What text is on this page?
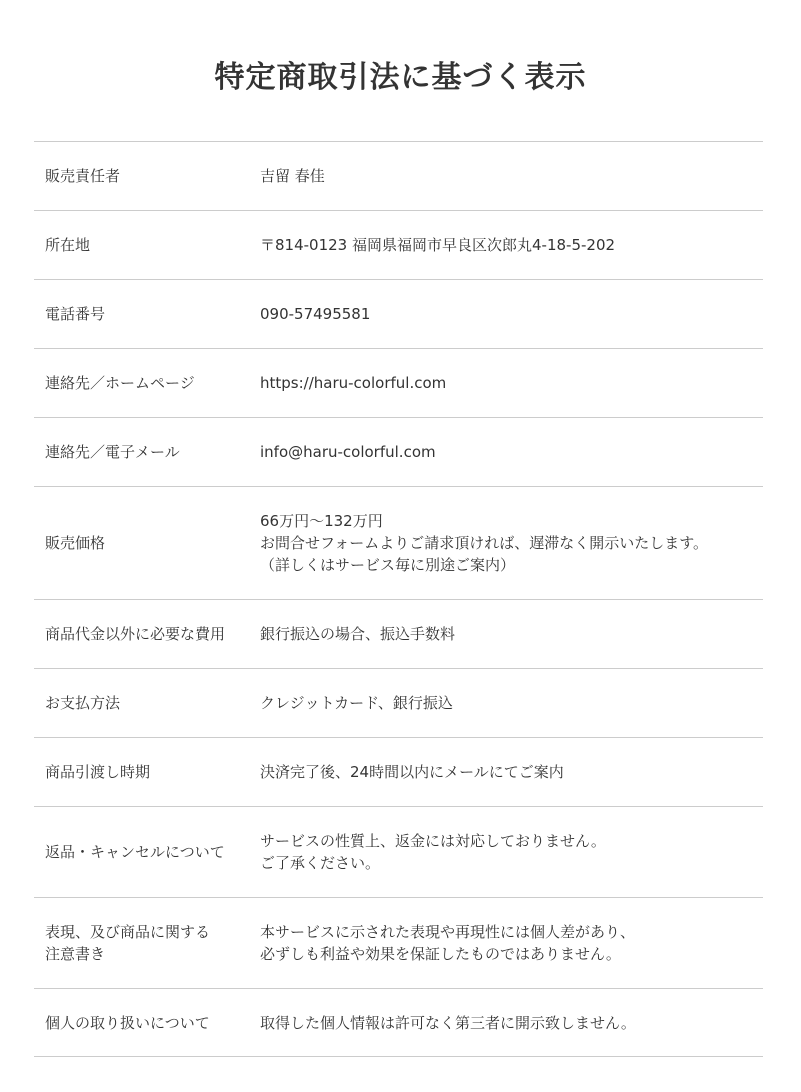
特定商取引法に基づく表示
販売責任者	吉留 春佳

所在地	〒814-0123 福岡県福岡市早良区次郎丸4-18-5-202

電話番号	090-57495581

連絡先／ホームページ	https://haru-colorful.com

連絡先／電子メール	info@haru-colorful.com

販売価格	66万円〜132万円
お問合せフォームよりご請求頂ければ、遅滞なく開示いたします。
（詳しくはサービス毎に別途ご案内）

商品代金以外に必要な費用	銀行振込の場合、振込手数料

お支払方法	クレジットカード、銀行振込

商品引渡し時期	決済完了後、24時間以内にメールにてご案内

返品・キャンセルについて	サービスの性質上、返金には対応しておりません。
ご了承ください。

表現、及び商品に関する
注意書き	本サービスに示された表現や再現性には個人差があり、
必ずしも利益や効果を保証したものではありません。

個人の取り扱いについて	取得した個人情報は許可なく第三者に開示致しません。
